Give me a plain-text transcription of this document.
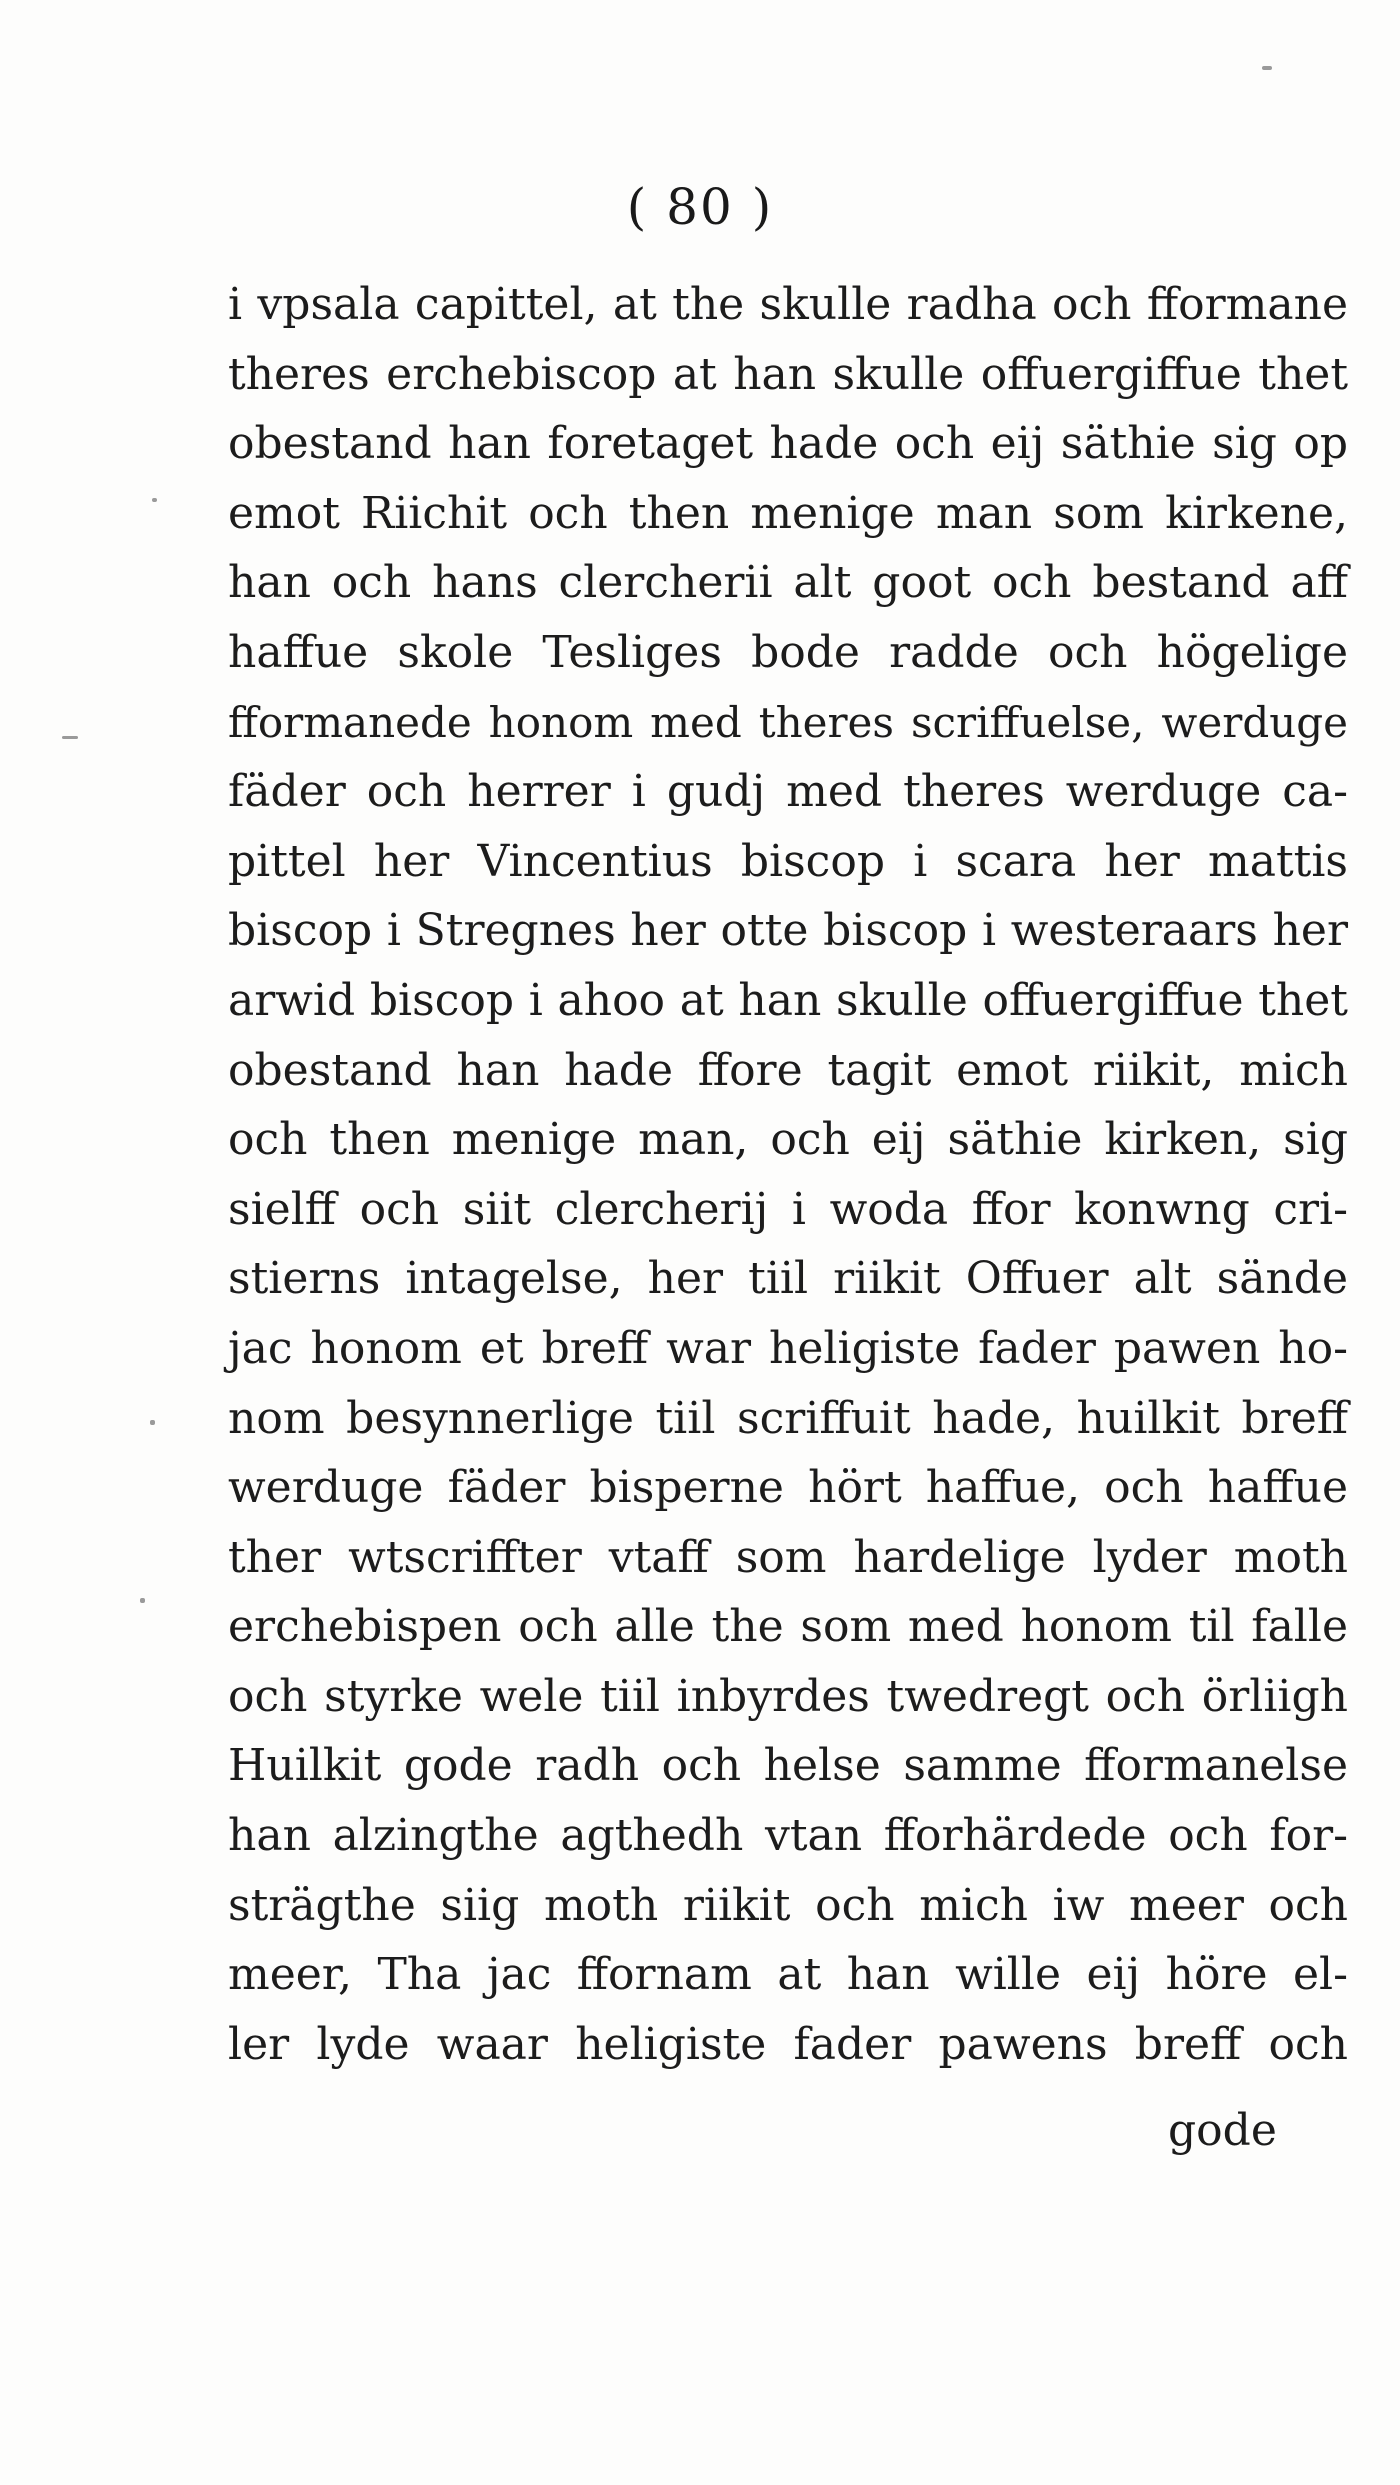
( 80 )
i vpsala capittel, at the skulle radha och fformane
theres erchebiscop at han skulle offuergiffue thet
obestand han foretaget hade och eij säthie sig op
emot Riichit och then menige man som kirkene,
han och hans clercherii alt goot och bestand aff
haffue skole Tesliges bode radde och högelige
fformanede honom med theres scriffuelse, werduge
fäder och herrer i gudj med theres werduge ca-
pittel her Vincentius biscop i scara her mattis
biscop i Stregnes her otte biscop i westeraars her
arwid biscop i ahoo at han skulle offuergiffue thet
obestand han hade ffore tagit emot riikit, mich
och then menige man, och eij säthie kirken, sig
sielff och siit clercherij i woda ffor konwng cri-
stierns intagelse, her tiil riikit Offuer alt sände
jac honom et breff war heligiste fader pawen ho-
nom besynnerlige tiil scriffuit hade, huilkit breff
werduge fäder bisperne hört haffue, och haffue
ther wtscriffter vtaff som hardelige lyder moth
erchebispen och alle the som med honom til falle
och styrke wele tiil inbyrdes twedregt och örliigh
Huilkit gode radh och helse samme fformanelse
han alzingthe agthedh vtan fforhärdede och for-
strägthe siig moth riikit och mich iw meer och
meer, Tha jac ffornam at han wille eij höre el-
ler lyde waar heligiste fader pawens breff och
gode
